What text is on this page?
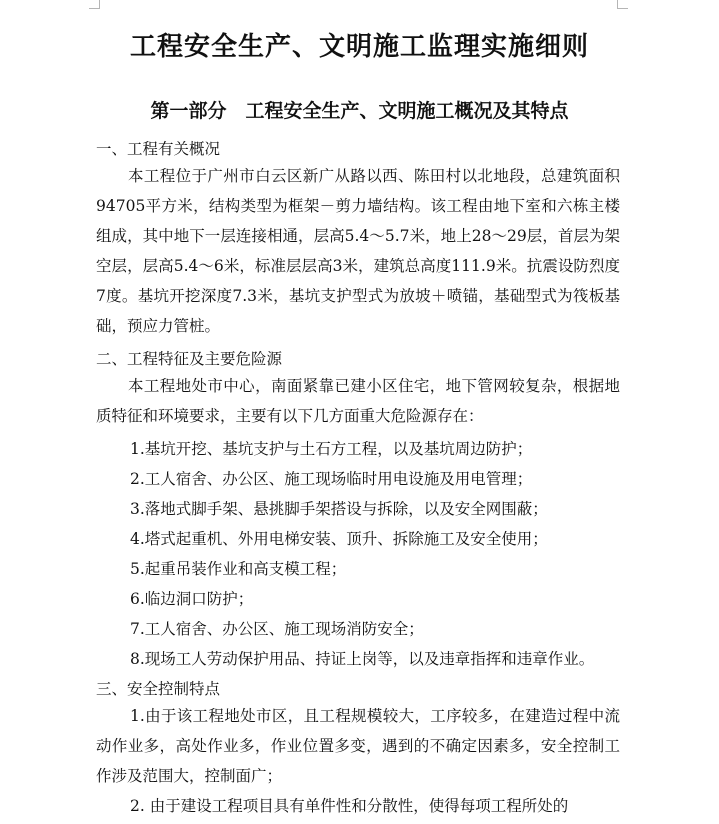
工程安全生产、文明施工监理实施细则
第一部分　工程安全生产、文明施工概况及其特点
一、工程有关概况

本工程位于广州市白云区新广从路以西、陈田村以北地段，总建筑面积94705平方米，结构类型为框架－剪力墙结构。该工程由地下室和六栋主楼组成，其中地下一层连接相通，层高5.4～5.7米，地上28～29层，首层为架空层，层高5.4～6米，标准层层高3米，建筑总高度111.9米。抗震设防烈度7度。基坑开挖深度7.3米，基坑支护型式为放坡＋喷锚，基础型式为筏板基础，预应力管桩。

二、工程特征及主要危险源

本工程地处市中心，南面紧靠已建小区住宅，地下管网较复杂，根据地质特征和环境要求，主要有以下几方面重大危险源存在：

1.基坑开挖、基坑支护与土石方工程，以及基坑周边防护；
2.工人宿舍、办公区、施工现场临时用电设施及用电管理；
3.落地式脚手架、悬挑脚手架搭设与拆除，以及安全网围蔽；
4.塔式起重机、外用电梯安装、顶升、拆除施工及安全使用；
5.起重吊装作业和高支模工程；
6.临边洞口防护；
7.工人宿舍、办公区、施工现场消防安全；
8.现场工人劳动保护用品、持证上岗等，以及违章指挥和违章作业。
三、安全控制特点

1.由于该工程地处市区，且工程规模较大，工序较多，在建造过程中流动作业多，高处作业多，作业位置多变，遇到的不确定因素多，安全控制工作涉及范围大，控制面广；

2. 由于建设工程项目具有单件性和分散性，使得每项工程所处的
